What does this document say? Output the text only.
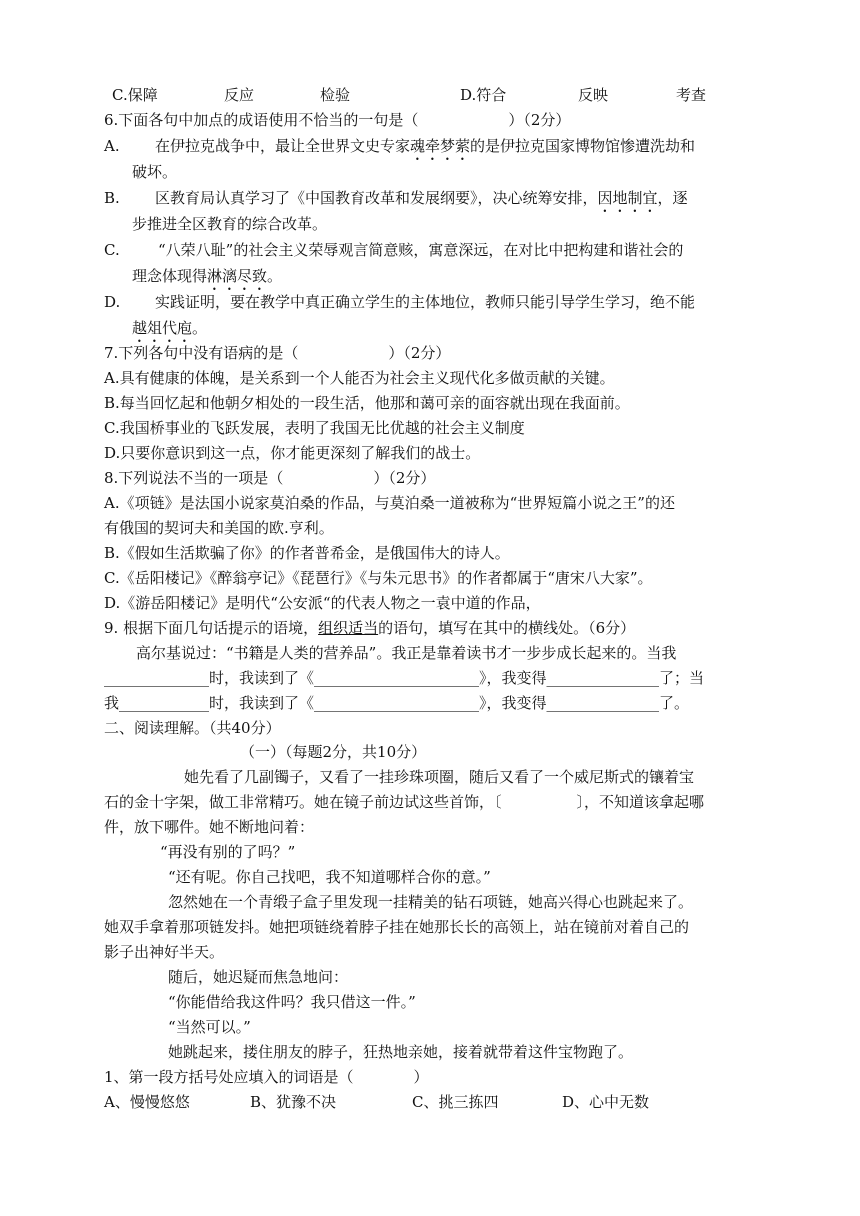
C.保障	反应	检验	D.符合	反映	考查
6.下面各句中加点的成语使用不恰当的一句是（　　　　　　）（2分）
A. 在伊拉克战争中，最让全世界文史专家魂牵梦萦的是伊拉克国家博物馆惨遭洗劫和
破坏。
B. 区教育局认真学习了《中国教育改革和发展纲要》，决心统筹安排，因地制宜，逐
步推进全区教育的综合改革。
C.	“八荣八耻”的社会主义荣辱观言简意赅，寓意深远，在对比中把构建和谐社会的
理念体现得淋漓尽致。
D. 实践证明，要在教学中真正确立学生的主体地位，教师只能引导学生学习，绝不能
越俎代庖。
7.下列各句中没有语病的是（　　　　　　）（2分）
A.具有健康的体魄，是关系到一个人能否为社会主义现代化多做贡献的关键。
B.每当回忆起和他朝夕相处的一段生活，他那和蔼可亲的面容就出现在我面前。
C.我国桥事业的飞跃发展，表明了我国无比优越的社会主义制度
D.只要你意识到这一点，你才能更深刻了解我们的战士。
8.下列说法不当的一项是（　　　　　　）（2分）
A.《项链》是法国小说家莫泊桑的作品，与莫泊桑一道被称为“世界短篇小说之王”的还
有俄国的契诃夫和美国的欧.亨利。
B.《假如生活欺骗了你》的作者普希金，是俄国伟大的诗人。
C.《岳阳楼记》《醉翁亭记》《琵琶行》《与朱元思书》的作者都属于“唐宋八大家”。
D.《游岳阳楼记》是明代“公安派“的代表人物之一袁中道的作品，
9. 根据下面几句话提示的语境，组织适当的语句，填写在其中的横线处。（6分）
高尔基说过：“书籍是人类的营养品”。我正是靠着读书才一步步成长起来的。当我
______________时，我读到了《______________________》，我变得_______________了；当
我____________时，我读到了《______________________》，我变得_______________了。
二、阅读理解。（共40分）
（一）（每题2分，共10分）
她先看了几副镯子，又看了一挂珍珠项圈，随后又看了一个威尼斯式的镶着宝
石的金十字架，做工非常精巧。她在镜子前边试这些首饰，〔　　　　　〕，不知道该拿起哪
件，放下哪件。她不断地问着：
“再没有别的了吗？”
“还有呢。你自己找吧，我不知道哪样合你的意。”
忽然她在一个青缎子盒子里发现一挂精美的钻石项链，她高兴得心也跳起来了。
她双手拿着那项链发抖。她把项链绕着脖子挂在她那长长的高领上，站在镜前对着自己的
影子出神好半天。
随后，她迟疑而焦急地问：
“你能借给我这件吗？我只借这一件。”
“当然可以。”
她跳起来，搂住朋友的脖子，狂热地亲她，接着就带着这件宝物跑了。
1、第一段方括号处应填入的词语是（　　　　）
A、慢慢悠悠	B、犹豫不决	C、挑三拣四	D、心中无数
